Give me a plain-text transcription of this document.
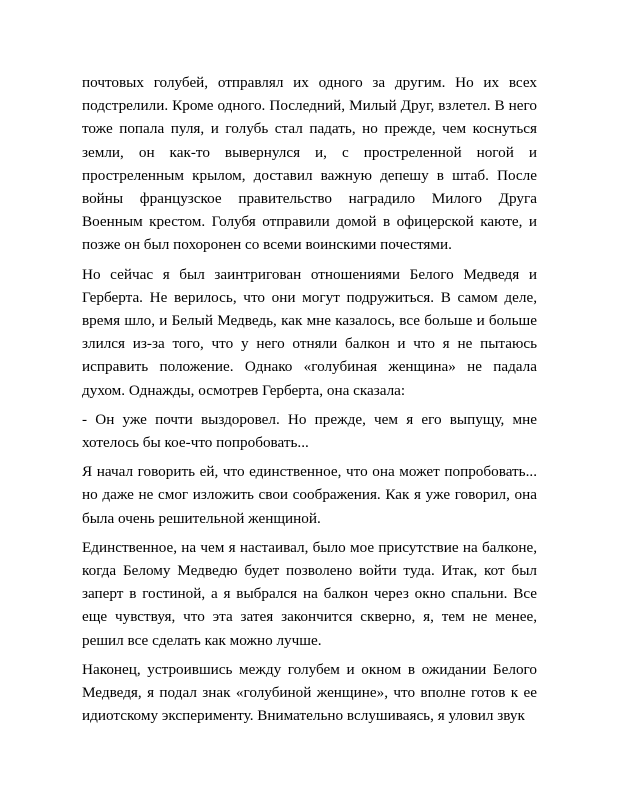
почтовых голубей, отправлял их одного за другим. Но их всех подстрелили. Кроме одного. Последний, Милый Друг, взлетел. В него тоже попала пуля, и голубь стал падать, но прежде, чем коснуться земли, он как-то вывернулся и, с простреленной ногой и простреленным крылом, доставил важную депешу в штаб. После войны французское правительство наградило Милого Друга Военным крестом. Голубя отправили домой в офицерской каюте, и позже он был похоронен со всеми воинскими почестями.

Но сейчас я был заинтригован отношениями Белого Медведя и Герберта. Не верилось, что они могут подружиться. В самом деле, время шло, и Белый Медведь, как мне казалось, все больше и больше злился из-за того, что у него отняли балкон и что я не пытаюсь исправить положение. Однако «голубиная женщина» не падала духом. Однажды, осмотрев Герберта, она сказала:

- Он уже почти выздоровел. Но прежде, чем я его выпущу, мне хотелось бы кое-что попробовать...

Я начал говорить ей, что единственное, что она может попробовать... но даже не смог изложить свои соображения. Как я уже говорил, она была очень решительной женщиной.

Единственное, на чем я настаивал, было мое присутствие на балконе, когда Белому Медведю будет позволено войти туда. Итак, кот был заперт в гостиной, а я выбрался на балкон через окно спальни. Все еще чувствуя, что эта затея закончится скверно, я, тем не менее, решил все сделать как можно лучше.

Наконец, устроившись между голубем и окном в ожидании Белого Медведя, я подал знак «голубиной женщине», что вполне готов к ее идиотскому эксперименту. Внимательно вслушиваясь, я уловил звук
